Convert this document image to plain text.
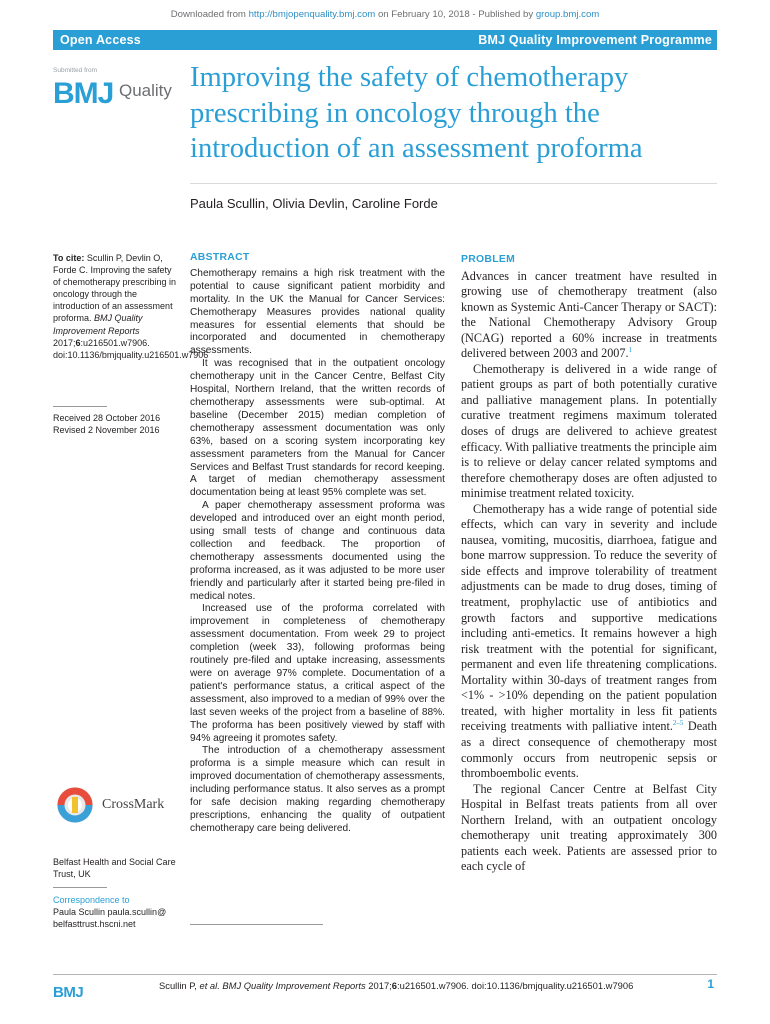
Downloaded from http://bmjopenquality.bmj.com on February 10, 2018 - Published by group.bmj.com
Open Access	BMJ Quality Improvement Programme
Submitted from
BMJ Quality Improving the safety of chemotherapy
prescribing in oncology through the
introduction of an assessment proforma
Paula Scullin, Olivia Devlin, Caroline Forde
To cite: Scullin P, Devlin O, Forde C. Improving the safety of chemotherapy prescribing in oncology through the introduction of an assessment proforma. BMJ Quality Improvement Reports 2017;6:u216501.w7906. doi:10.1136/bmjquality.u216501.w7906
Received 28 October 2016
Revised 2 November 2016
CrossMark
Belfast Health and Social Care Trust, UK
Correspondence to
Paula Scullin paula.scullin@ belfasttrust.hscni.net
ABSTRACT

Chemotherapy remains a high risk treatment with the potential to cause significant patient morbidity and mortality. In the UK the Manual for Cancer Services: Chemotherapy Measures provides national quality measures for essential elements that should be incorporated and documented in chemotherapy assessments.

It was recognised that in the outpatient oncology chemotherapy unit in the Cancer Centre, Belfast City Hospital, Northern Ireland, that the written records of chemotherapy assessments were sub-optimal. At baseline (December 2015) median completion of chemotherapy assessment documentation was only 63%, based on a scoring system incorporating key assessment parameters from the Manual for Cancer Services and Belfast Trust standards for record keeping. A target of median chemotherapy assessment documentation being at least 95% complete was set.

A paper chemotherapy assessment proforma was developed and introduced over an eight month period, using small tests of change and continuous data collection and feedback. The proportion of chemotherapy assessments documented using the proforma increased, as it was adjusted to be more user friendly and particularly after it started being pre-filed in medical notes.

Increased use of the proforma correlated with improvement in completeness of chemotherapy assessment documentation. From week 29 to project completion (week 33), following proformas being routinely pre-filed and uptake increasing, assessments were on average 97% complete. Documentation of a patient's performance status, a critical aspect of the assessment, also improved to a median of 99% over the last seven weeks of the project from a baseline of 88%. The proforma has been positively viewed by staff with 94% agreeing it promotes safety.

The introduction of a chemotherapy assessment proforma is a simple measure which can result in improved documentation of chemotherapy assessments, including performance status. It also serves as a prompt for safe decision making regarding chemotherapy prescriptions, enhancing the quality of outpatient chemotherapy care being delivered.

PROBLEM

Advances in cancer treatment have resulted in growing use of chemotherapy treatment (also known as Systemic Anti-Cancer Therapy or SACT): the National Chemotherapy Advisory Group (NCAG) reported a 60% increase in treatments delivered between 2003 and 2007.$^1$

Chemotherapy is delivered in a wide range of patient groups as part of both potentially curative and palliative management plans. In potentially curative treatment regimens maximum tolerated doses of drugs are delivered to achieve greatest efficacy. With palliative treatments the principle aim is to relieve or delay cancer related symptoms and therefore chemotherapy doses are often adjusted to minimise treatment related toxicity.

Chemotherapy has a wide range of potential side effects, which can vary in severity and include nausea, vomiting, mucositis, diarrhoea, fatigue and bone marrow suppression. To reduce the severity of side effects and improve tolerability of treatment adjustments can be made to drug doses, timing of treatment, prophylactic use of antibiotics and growth factors and supportive medications including anti-emetics. It remains however a high risk treatment with the potential for significant, permanent and even life threatening complications. Mortality within 30-days of treatment ranges from <1% - >10% depending on the patient population treated, with higher mortality in less fit patients receiving treatments with palliative intent.$^{2-5}$ Death as a direct consequence of chemotherapy most commonly occurs from neutropenic sepsis or thromboembolic events.

The regional Cancer Centre at Belfast City Hospital in Belfast treats patients from all over Northern Ireland, with an outpatient oncology chemotherapy unit treating approximately 300 patients each week. Patients are assessed prior to each cycle of

BMJ	Scullin P, et al. BMJ Quality Improvement Reports 2017;6:u216501.w7906. doi:10.1136/bmjquality.u216501.w7906	1
